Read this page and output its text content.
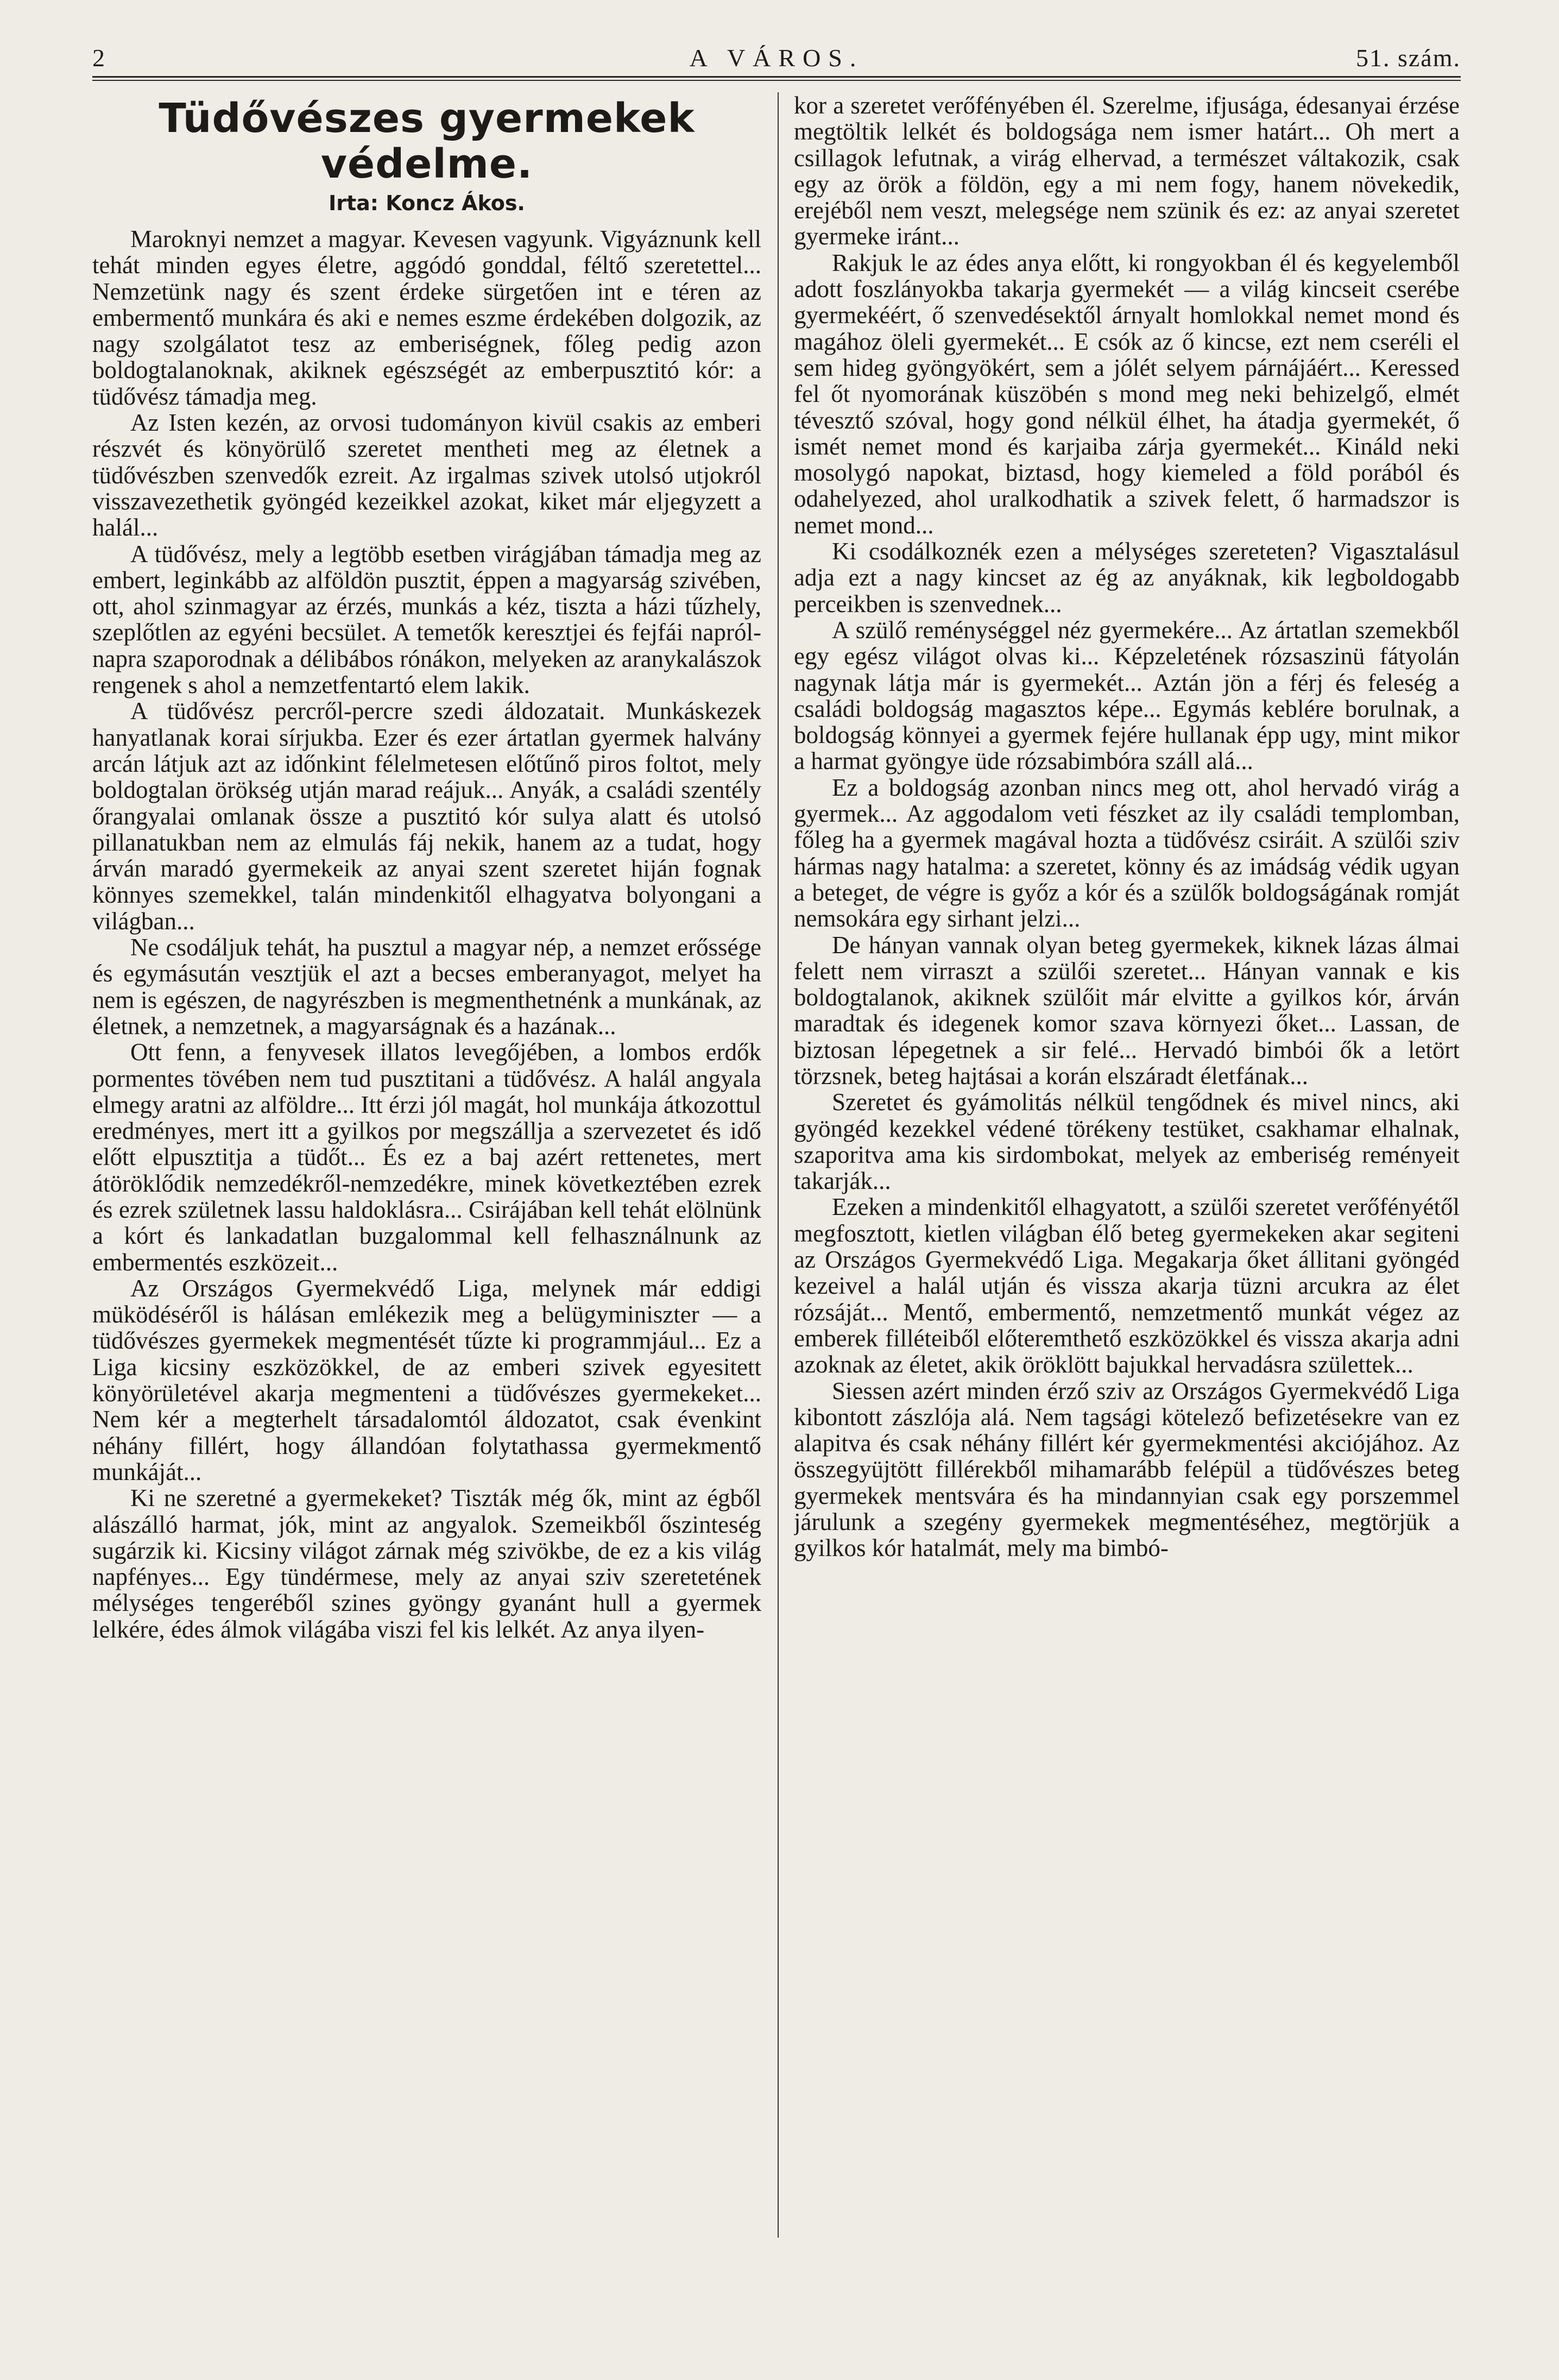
2	A VÁROS.	51. szám.
Tüdővészes gyermekek védelme.
Irta: Koncz Ákos.

Maroknyi nemzet a magyar. Kevesen vagyunk. Vigyáznunk kell tehát minden egyes életre, aggódó gonddal, féltő szeretettel... Nemzetünk nagy és szent érdeke sürgetően int e téren az embermentő munkára és aki e nemes eszme érdekében dolgozik, az nagy szolgálatot tesz az emberiségnek, főleg pedig azon boldogtalanoknak, akiknek egészségét az emberpusztitó kór: a tüdővész támadja meg.

Az Isten kezén, az orvosi tudományon kivül csakis az emberi részvét és könyörülő szeretet mentheti meg az életnek a tüdővészben szenvedők ezreit. Az irgalmas szivek utolsó utjokról visszavezethetik gyöngéd kezeikkel azokat, kiket már eljegyzett a halál...

A tüdővész, mely a legtöbb esetben virágjában támadja meg az embert, leginkább az alföldön pusztit, éppen a magyarság szivében, ott, ahol szinmagyar az érzés, munkás a kéz, tiszta a házi tűzhely, szeplőtlen az egyéni becsület. A temetők keresztjei és fejfái napról-napra szaporodnak a délibábos rónákon, melyeken az aranykalászok rengenek s ahol a nemzetfentartó elem lakik.

A tüdővész percről-percre szedi áldozatait. Munkáskezek hanyatlanak korai sírjukba. Ezer és ezer ártatlan gyermek halvány arcán látjuk azt az időnkint félelmetesen előtűnő piros foltot, mely boldogtalan örökség utján marad reájuk... Anyák, a családi szentély őrangyalai omlanak össze a pusztitó kór sulya alatt és utolsó pillanatukban nem az elmulás fáj nekik, hanem az a tudat, hogy árván maradó gyermekeik az anyai szent szeretet hiján fognak könnyes szemekkel, talán mindenkitől elhagyatva bolyongani a világban...

Ne csodáljuk tehát, ha pusztul a magyar nép, a nemzet erőssége és egymásután vesztjük el azt a becses emberanyagot, melyet ha nem is egészen, de nagyrészben is megmenthetnénk a munkának, az életnek, a nemzetnek, a magyarságnak és a hazának...

Ott fenn, a fenyvesek illatos levegőjében, a lombos erdők pormentes tövében nem tud pusztitani a tüdővész. A halál angyala elmegy aratni az alföldre... Itt érzi jól magát, hol munkája átkozottul eredményes, mert itt a gyilkos por megszállja a szervezetet és idő előtt elpusztitja a tüdőt... És ez a baj azért rettenetes, mert átöröklődik nemzedékről-nemzedékre, minek következtében ezrek és ezrek születnek lassu haldoklásra... Csirájában kell tehát elölnünk a kórt és lankadatlan buzgalommal kell felhasználnunk az embermentés eszközeit...

Az Országos Gyermekvédő Liga, melynek már eddigi müködéséről is hálásan emlékezik meg a belügyminiszter — a tüdővészes gyermekek megmentését tűzte ki programmjául... Ez a Liga kicsiny eszközökkel, de az emberi szivek egyesitett könyörületével akarja megmenteni a tüdővészes gyermekeket... Nem kér a megterhelt társadalomtól áldozatot, csak évenkint néhány fillért, hogy állandóan folytathassa gyermekmentő munkáját...

Ki ne szeretné a gyermekeket? Tiszták még ők, mint az égből alászálló harmat, jók, mint az angyalok. Szemeikből őszinteség sugárzik ki. Kicsiny világot zárnak még szivökbe, de ez a kis világ napfényes... Egy tündérmese, mely az anyai sziv szeretetének mélységes tengeréből szines gyöngy gyanánt hull a gyermek lelkére, édes álmok világába viszi fel kis lelkét. Az anya ilyen-

kor a szeretet verőfényében él. Szerelme, ifjusága, édesanyai érzése megtöltik lelkét és boldogsága nem ismer határt... Oh mert a csillagok lefutnak, a virág elhervad, a természet váltakozik, csak egy az örök a földön, egy a mi nem fogy, hanem növekedik, erejéből nem veszt, melegsége nem szünik és ez: az anyai szeretet gyermeke iránt...

Rakjuk le az édes anya előtt, ki rongyokban él és kegyelemből adott foszlányokba takarja gyermekét — a világ kincseit cserébe gyermekéért, ő szenvedésektől árnyalt homlokkal nemet mond és magához öleli gyermekét... E csók az ő kincse, ezt nem cseréli el sem hideg gyöngyökért, sem a jólét selyem párnájáért... Keressed fel őt nyomorának küszöbén s mond meg neki behizelgő, elmét tévesztő szóval, hogy gond nélkül élhet, ha átadja gyermekét, ő ismét nemet mond és karjaiba zárja gyermekét... Kináld neki mosolygó napokat, biztasd, hogy kiemeled a föld porából és odahelyezed, ahol uralkodhatik a szivek felett, ő harmadszor is nemet mond...

Ki csodálkoznék ezen a mélységes szereteten? Vigasztalásul adja ezt a nagy kincset az ég az anyáknak, kik legboldogabb perceikben is szenvednek...

A szülő reménységgel néz gyermekére... Az ártatlan szemekből egy egész világot olvas ki... Képzeletének rózsaszinü fátyolán nagynak látja már is gyermekét... Aztán jön a férj és feleség a családi boldogság magasztos képe... Egymás keblére borulnak, a boldogság könnyei a gyermek fejére hullanak épp ugy, mint mikor a harmat gyöngye üde rózsabimbóra száll alá...

Ez a boldogság azonban nincs meg ott, ahol hervadó virág a gyermek... Az aggodalom veti fészket az ily családi templomban, főleg ha a gyermek magával hozta a tüdővész csiráit. A szülői sziv hármas nagy hatalma: a szeretet, könny és az imádság védik ugyan a beteget, de végre is győz a kór és a szülők boldogságának romját nemsokára egy sirhant jelzi...

De hányan vannak olyan beteg gyermekek, kiknek lázas álmai felett nem virraszt a szülői szeretet... Hányan vannak e kis boldogtalanok, akiknek szülőit már elvitte a gyilkos kór, árván maradtak és idegenek komor szava környezi őket... Lassan, de biztosan lépegetnek a sir felé... Hervadó bimbói ők a letört törzsnek, beteg hajtásai a korán elszáradt életfának...

Szeretet és gyámolitás nélkül tengődnek és mivel nincs, aki gyöngéd kezekkel védené törékeny testüket, csakhamar elhalnak, szaporitva ama kis sirdombokat, melyek az emberiség reményeit takarják...

Ezeken a mindenkitől elhagyatott, a szülői szeretet verőfényétől megfosztott, kietlen világban élő beteg gyermekeken akar segiteni az Országos Gyermekvédő Liga. Megakarja őket állitani gyöngéd kezeivel a halál utján és vissza akarja tüzni arcukra az élet rózsáját... Mentő, embermentő, nemzetmentő munkát végez az emberek filléteiből előteremthető eszközökkel és vissza akarja adni azoknak az életet, akik öröklött bajukkal hervadásra születtek...

Siessen azért minden érző sziv az Országos Gyermekvédő Liga kibontott zászlója alá. Nem tagsági kötelező befizetésekre van ez alapitva és csak néhány fillért kér gyermekmentési akciójához. Az összegyüjtött fillérekből mihamarább felépül a tüdővészes beteg gyermekek mentsvára és ha mindannyian csak egy porszemmel járulunk a szegény gyermekek megmentéséhez, megtörjük a gyilkos kór hatalmát, mely ma bimbó-
